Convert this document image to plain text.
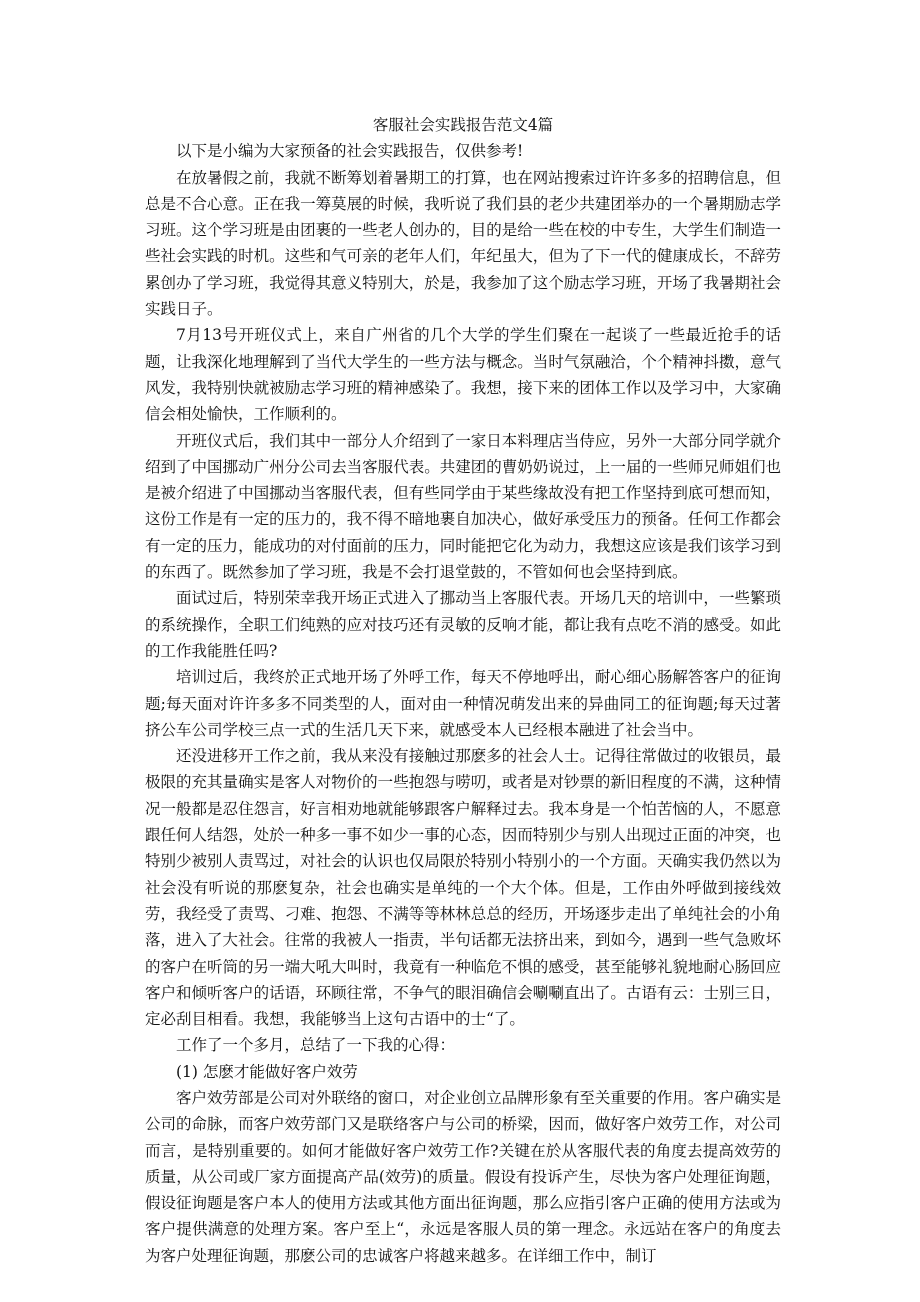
客服社会实践报告范文4篇

以下是小编为大家预备的社会实践报告，仅供参考!

在放暑假之前，我就不断筹划着暑期工的打算，也在网站搜索过许许多多的招聘信息，但总是不合心意。正在我一筹莫展的时候，我听说了我们县的老少共建团举办的一个暑期励志学习班。这个学习班是由团裹的一些老人创办的，目的是给一些在校的中专生，大学生们制造一些社会实践的时机。这些和气可亲的老年人们，年纪虽大，但为了下一代的健康成长，不辞劳累创办了学习班，我觉得其意义特别大，於是，我参加了这个励志学习班，开场了我暑期社会实践日子。

7月13号开班仪式上，来自广州省的几个大学的学生们聚在一起谈了一些最近抢手的话题，让我深化地理解到了当代大学生的一些方法与概念。当时气氛融洽，个个精神抖擞，意气风发，我特别快就被励志学习班的精神感染了。我想，接下来的团体工作以及学习中，大家确信会相处愉快，工作顺利的。

开班仪式后，我们其中一部分人介绍到了一家日本料理店当侍应，另外一大部分同学就介绍到了中国挪动广州分公司去当客服代表。共建团的曹奶奶说过，上一届的一些师兄师姐们也是被介绍进了中国挪动当客服代表，但有些同学由于某些缘故没有把工作坚持到底可想而知，这份工作是有一定的压力的，我不得不暗地裹自加决心，做好承受压力的预备。任何工作都会有一定的压力，能成功的对付面前的压力，同时能把它化为动力，我想这应该是我们该学习到的东西了。既然参加了学习班，我是不会打退堂鼓的，不管如何也会坚持到底。

面试过后，特别荣幸我开场正式进入了挪动当上客服代表。开场几天的培训中，一些繁琐的系统操作，全职工们纯熟的应对技巧还有灵敏的反响才能，都让我有点吃不消的感受。如此的工作我能胜任吗?

培训过后，我终於正式地开场了外呼工作，每天不停地呼出，耐心细心肠解答客户的征询题;每天面对许许多多不同类型的人，面对由一种情况萌发出来的异曲同工的征询题;每天过著挤公车公司学校三点一式的生活几天下来，就感受本人已经根本融进了社会当中。

还没进移开工作之前，我从来没有接触过那麽多的社会人士。记得往常做过的收银员，最极限的充其量确实是客人对物价的一些抱怨与唠叨，或者是对钞票的新旧程度的不满，这种情况一般都是忍住怨言，好言相劝地就能够跟客户解释过去。我本身是一个怕苦恼的人，不愿意跟任何人结怨，处於一种多一事不如少一事的心态，因而特别少与别人出现过正面的冲突，也特别少被别人责骂过，对社会的认识也仅局限於特别小特别小的一个方面。天确实我仍然以为社会没有听说的那麽复杂，社会也确实是单纯的一个大个体。但是，工作由外呼做到接线效劳，我经受了责骂、刁难、抱怨、不满等等林林总总的经历，开场逐步走出了单纯社会的小角落，进入了大社会。往常的我被人一指责，半句话都无法挤出来，到如今，遇到一些气急败坏的客户在听筒的另一端大吼大叫时，我竟有一种临危不惧的感受，甚至能够礼貌地耐心肠回应客户和倾听客户的话语，环顾往常，不争气的眼泪确信会唰唰直出了。古语有云：士别三日，定必刮目相看。我想，我能够当上这句古语中的士“了。

工作了一个多月，总结了一下我的心得：

(1) 怎麽才能做好客户效劳

客户效劳部是公司对外联络的窗口，对企业创立品牌形象有至关重要的作用。客户确实是公司的命脉，而客户效劳部门又是联络客户与公司的桥梁，因而，做好客户效劳工作，对公司而言，是特别重要的。如何才能做好客户效劳工作?关键在於从客服代表的角度去提高效劳的质量，从公司或厂家方面提高产品(效劳)的质量。假设有投诉产生，尽快为客户处理征询题，假设征询题是客户本人的使用方法或其他方面出征询题，那么应指引客户正确的使用方法或为客户提供满意的处理方案。客户至上“，永远是客服人员的第一理念。永远站在客户的角度去为客户处理征询题，那麽公司的忠诚客户将越来越多。在详细工作中，制订
